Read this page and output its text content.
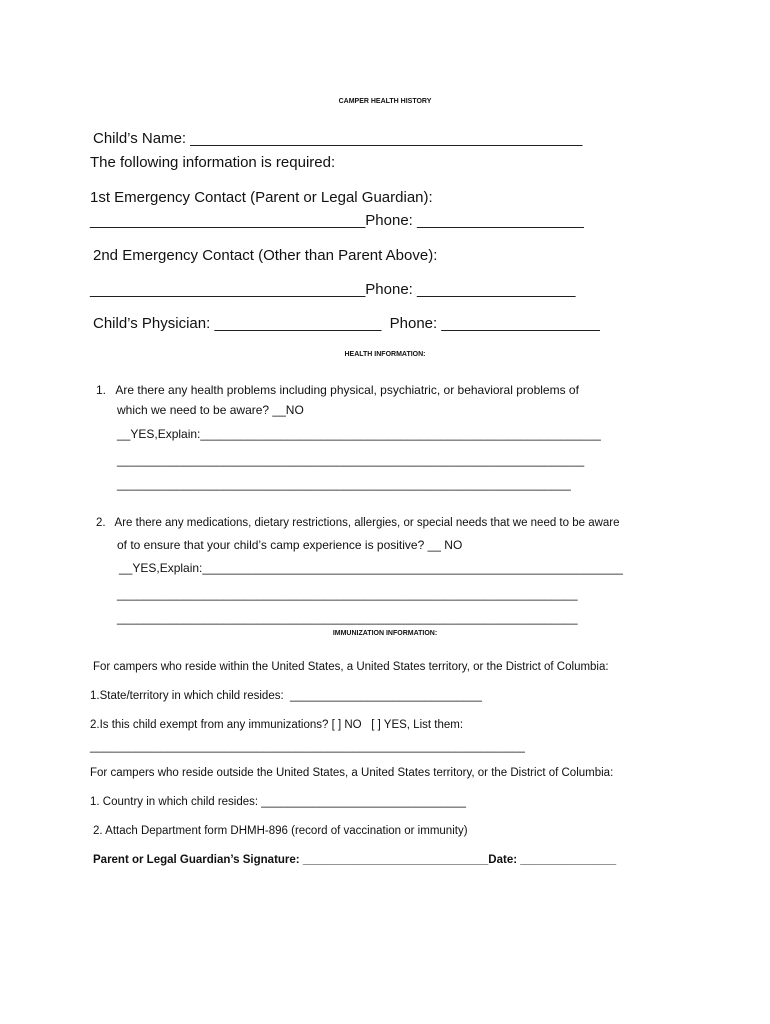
CAMPER HEALTH HISTORY
Child’s Name: _______________________________________________
The following information is required:
1st Emergency Contact (Parent or Legal Guardian):
_________________________________Phone: ____________________
2nd Emergency Contact (Other than Parent Above):
_________________________________Phone: ___________________
Child’s Physician: ____________________  Phone: ___________________
HEALTH INFORMATION:
1.   Are there any health problems including physical, psychiatric, or behavioral problems of
which we need to be aware? __NO
__YES,Explain:____________________________________________________________
______________________________________________________________________
____________________________________________________________________
2.   Are there any medications, dietary restrictions, allergies, or special needs that we need to be aware
of to ensure that your child’s camp experience is positive? __ NO
__YES,Explain:_______________________________________________________________
_____________________________________________________________________
_____________________________________________________________________
IMMUNIZATION INFORMATION:
For campers who reside within the United States, a United States territory, or the District of Columbia:
1.State/territory in which child resides:  ______________________________
2.Is this child exempt from any immunizations? [ ] NO   [ ] YES, List them:
____________________________________________________________________
For campers who reside outside the United States, a United States territory, or the District of Columbia:
1. Country in which child resides: ________________________________
2. Attach Department form DHMH-896 (record of vaccination or immunity)
Parent or Legal Guardian’s Signature: _____________________________Date: _______________
